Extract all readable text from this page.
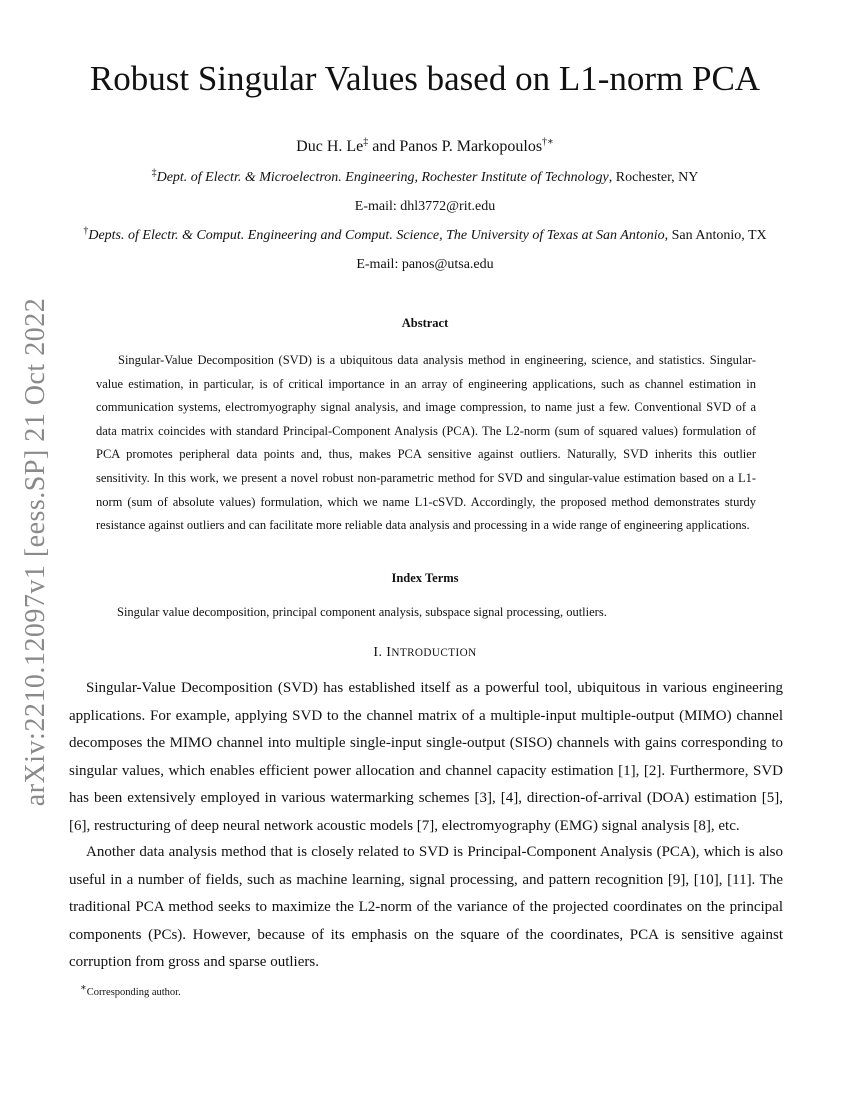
arXiv:2210.12097v1 [eess.SP] 21 Oct 2022
Robust Singular Values based on L1-norm PCA
Duc H. Le‡ and Panos P. Markopoulos†∗
‡Dept. of Electr. & Microelectron. Engineering, Rochester Institute of Technology, Rochester, NY
E-mail: dhl3772@rit.edu
†Depts. of Electr. & Comput. Engineering and Comput. Science, The University of Texas at San Antonio, San Antonio, TX
E-mail: panos@utsa.edu
Abstract
Singular-Value Decomposition (SVD) is a ubiquitous data analysis method in engineering, science, and statistics. Singular-value estimation, in particular, is of critical importance in an array of engineering applications, such as channel estimation in communication systems, electromyography signal analysis, and image compression, to name just a few. Conventional SVD of a data matrix coincides with standard Principal-Component Analysis (PCA). The L2-norm (sum of squared values) formulation of PCA promotes peripheral data points and, thus, makes PCA sensitive against outliers. Naturally, SVD inherits this outlier sensitivity. In this work, we present a novel robust non-parametric method for SVD and singular-value estimation based on a L1-norm (sum of absolute values) formulation, which we name L1-cSVD. Accordingly, the proposed method demonstrates sturdy resistance against outliers and can facilitate more reliable data analysis and processing in a wide range of engineering applications.
Index Terms
Singular value decomposition, principal component analysis, subspace signal processing, outliers.
I. INTRODUCTION

Singular-Value Decomposition (SVD) has established itself as a powerful tool, ubiquitous in various engineering applications. For example, applying SVD to the channel matrix of a multiple-input multiple-output (MIMO) channel decomposes the MIMO channel into multiple single-input single-output (SISO) channels with gains corresponding to singular values, which enables efficient power allocation and channel capacity estimation [1], [2]. Furthermore, SVD has been extensively employed in various watermarking schemes [3], [4], direction-of-arrival (DOA) estimation [5], [6], restructuring of deep neural network acoustic models [7], electromyography (EMG) signal analysis [8], etc.

Another data analysis method that is closely related to SVD is Principal-Component Analysis (PCA), which is also useful in a number of fields, such as machine learning, signal processing, and pattern recognition [9], [10], [11]. The traditional PCA method seeks to maximize the L2-norm of the variance of the projected coordinates on the principal components (PCs). However, because of its emphasis on the square of the coordinates, PCA is sensitive against corruption from gross and sparse outliers.

∗Corresponding author.
